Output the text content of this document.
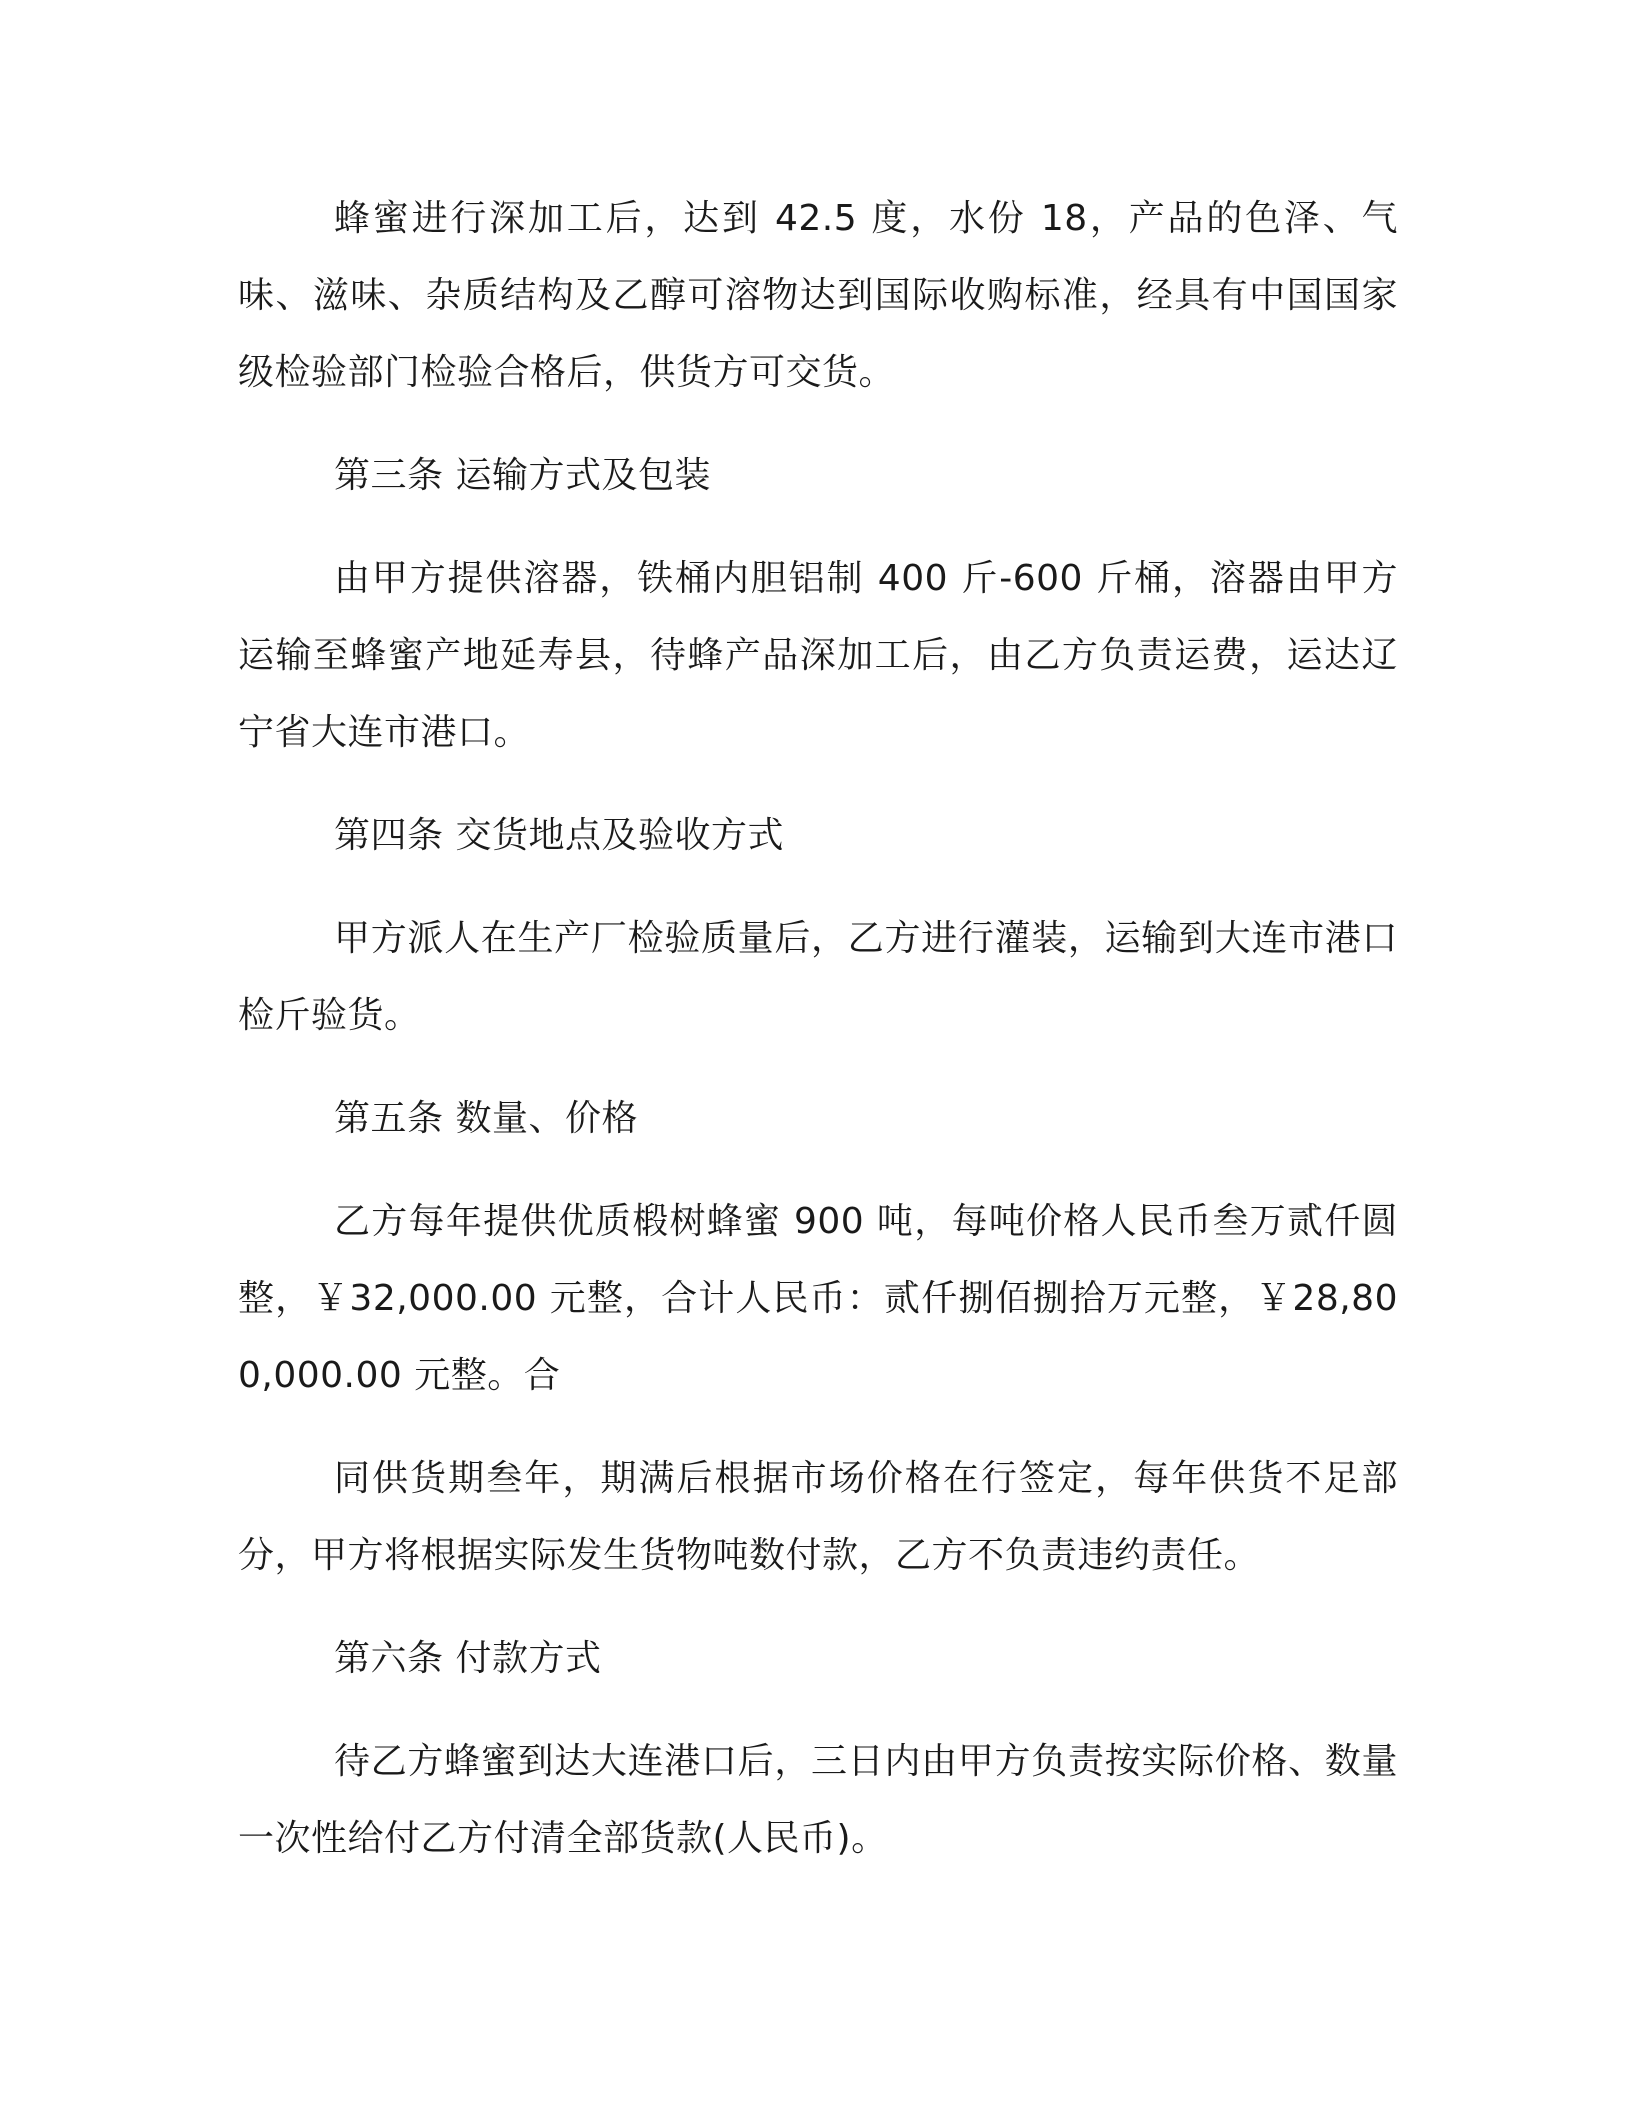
蜂蜜进行深加工后，达到 42.5 度，水份 18，产品的色泽、气味、滋味、杂质结构及乙醇可溶物达到国际收购标准，经具有中国国家级检验部门检验合格后，供货方可交货。

第三条 运输方式及包装

由甲方提供溶器，铁桶内胆铝制 400 斤-600 斤桶，溶器由甲方运输至蜂蜜产地延寿县，待蜂产品深加工后，由乙方负责运费，运达辽宁省大连市港口。

第四条 交货地点及验收方式

甲方派人在生产厂检验质量后，乙方进行灌装，运输到大连市港口检斤验货。

第五条 数量、价格

乙方每年提供优质椴树蜂蜜 900 吨，每吨价格人民币叁万贰仟圆整，￥32,000.00 元整，合计人民币：贰仟捌佰捌拾万元整，￥28,800,000.00 元整。合

同供货期叁年，期满后根据市场价格在行签定，每年供货不足部分，甲方将根据实际发生货物吨数付款，乙方不负责违约责任。

第六条 付款方式

待乙方蜂蜜到达大连港口后，三日内由甲方负责按实际价格、数量一次性给付乙方付清全部货款(人民币)。
